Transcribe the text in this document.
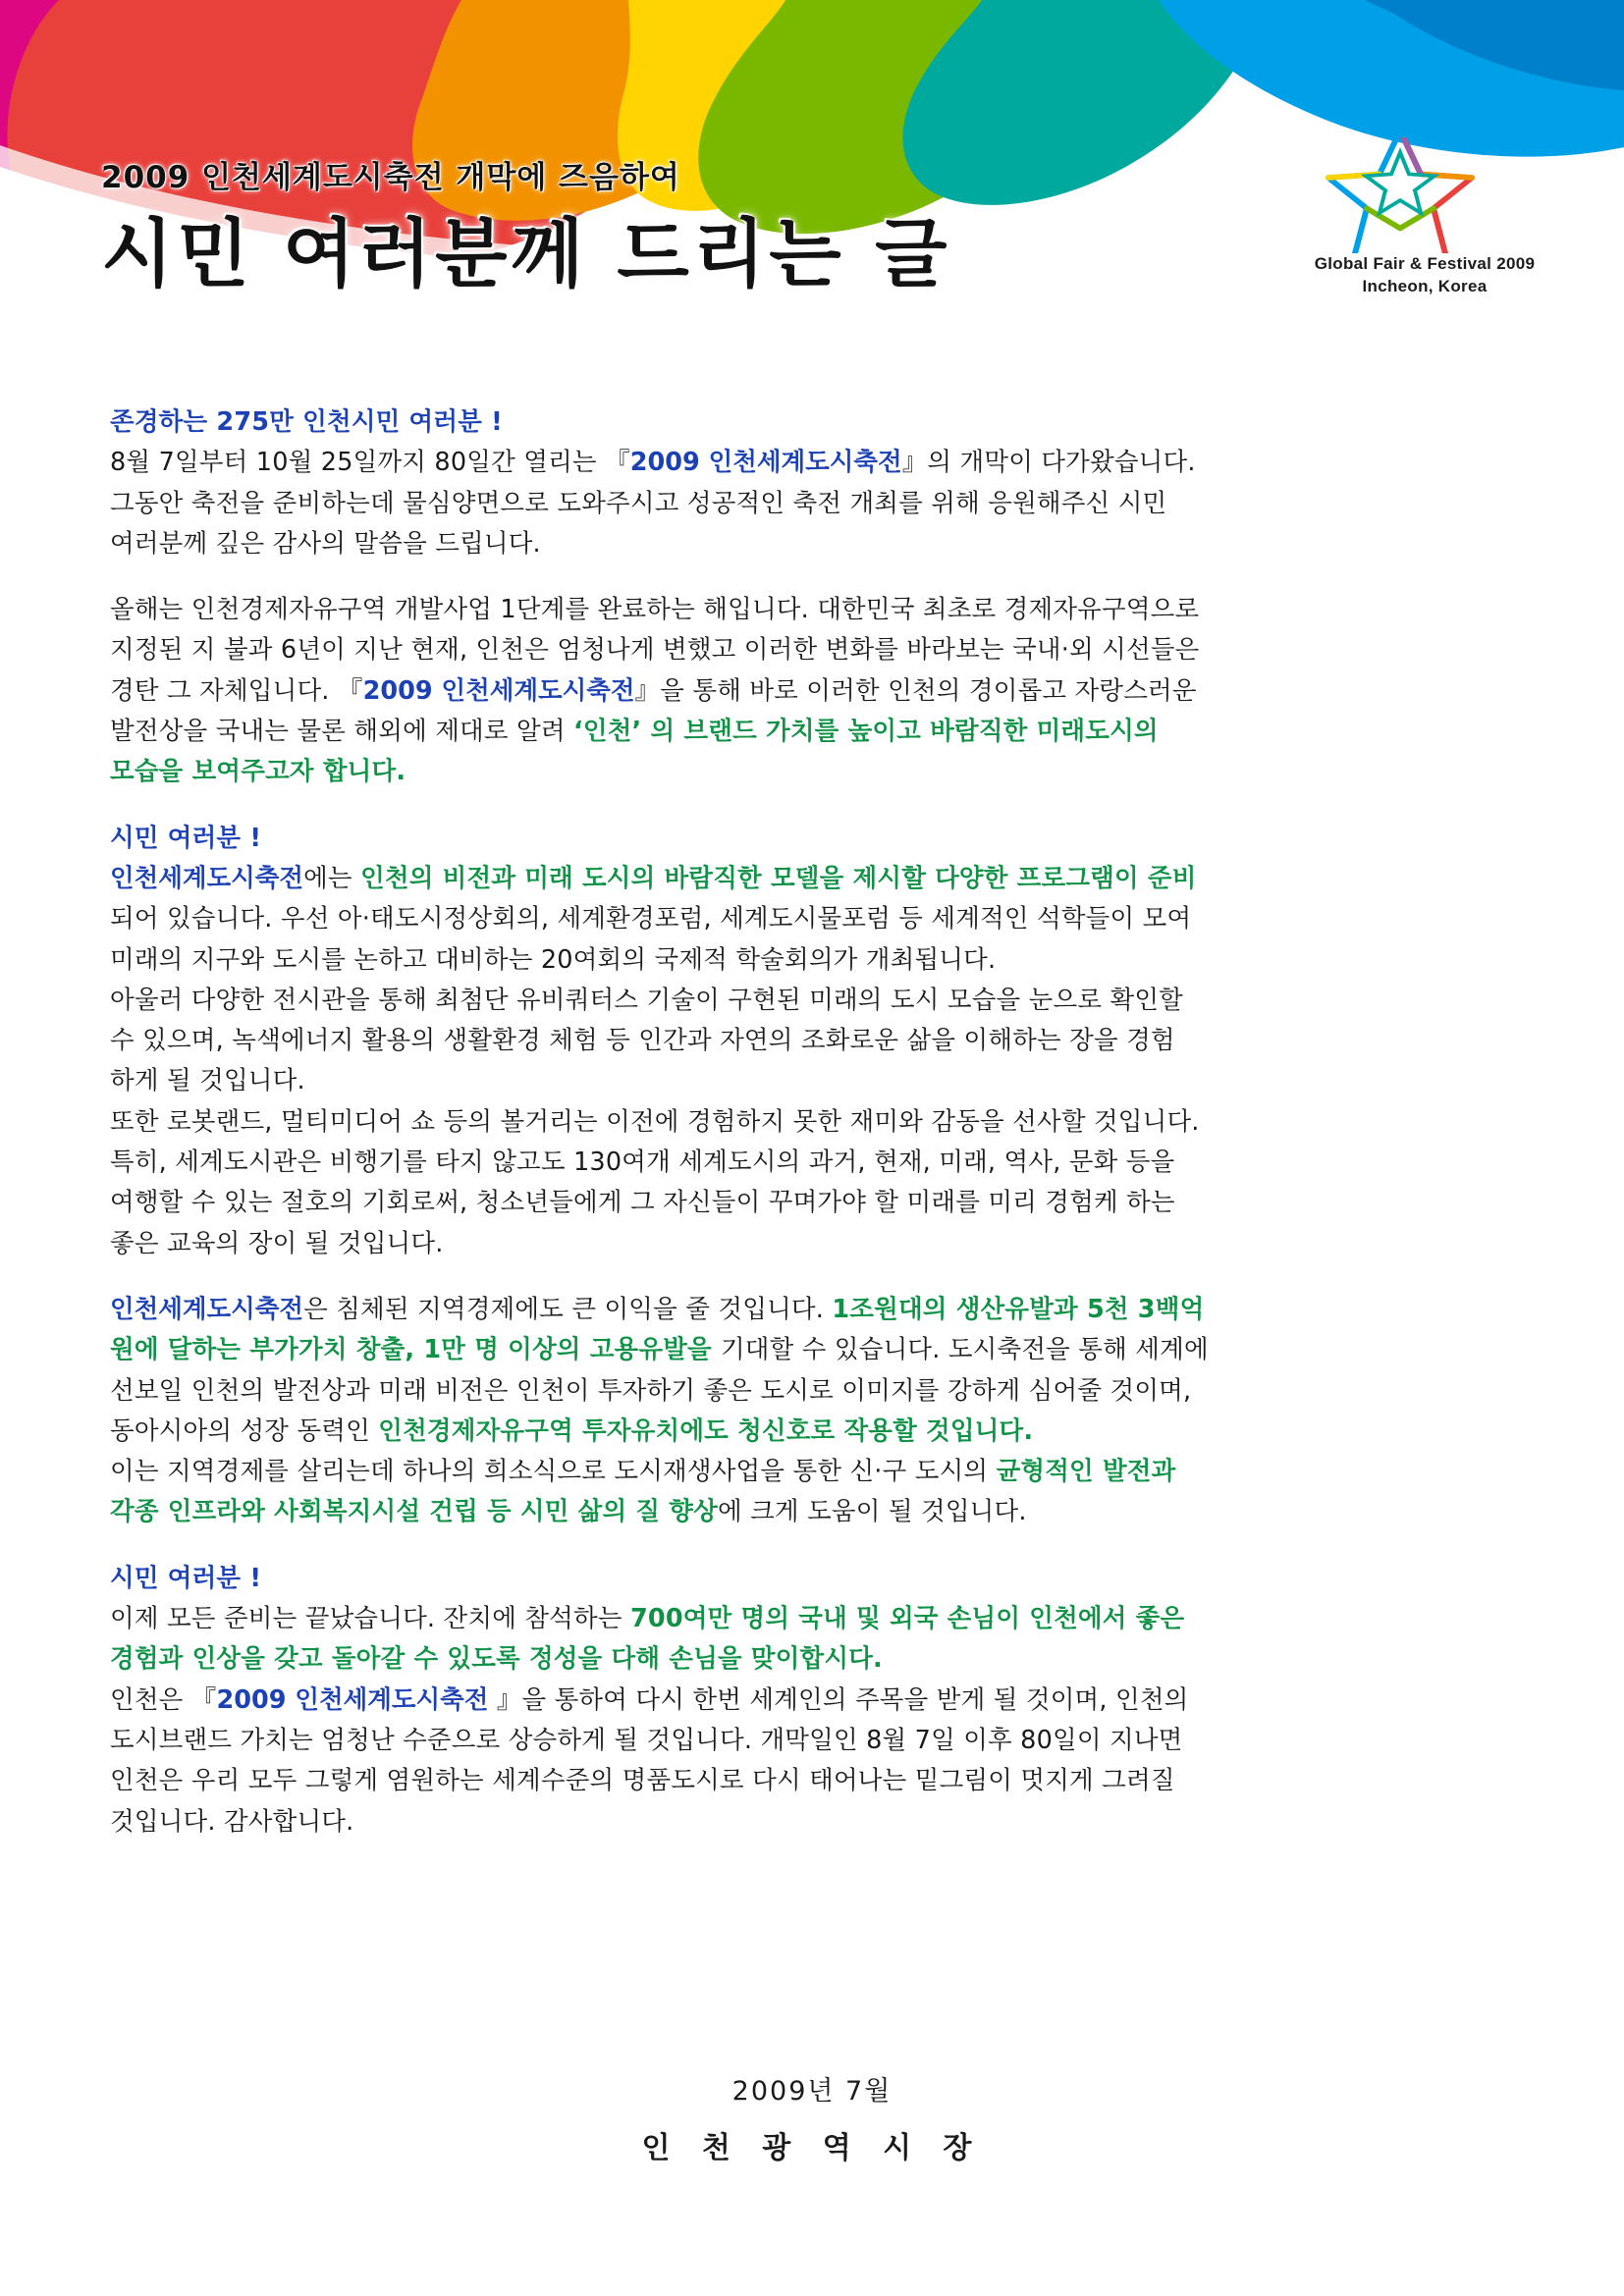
2009 인천세계도시축전 개막에 즈음하여
시민 여러분께 드리는 글	Global Fair & Festival 2009
Incheon, Korea

존경하는 275만 인천시민 여러분 !

8월 7일부터 10월 25일까지 80일간 열리는 『2009 인천세계도시축전』의 개막이 다가왔습니다.

그동안 축전을 준비하는데 물심양면으로 도와주시고 성공적인 축전 개최를 위해 응원해주신 시민

여러분께 깊은 감사의 말씀을 드립니다.

올해는 인천경제자유구역 개발사업 1단계를 완료하는 해입니다. 대한민국 최초로 경제자유구역으로

지정된 지 불과 6년이 지난 현재, 인천은 엄청나게 변했고 이러한 변화를 바라보는 국내·외 시선들은

경탄 그 자체입니다. 『2009 인천세계도시축전』을 통해 바로 이러한 인천의 경이롭고 자랑스러운

발전상을 국내는 물론 해외에 제대로 알려 ‘인천’ 의 브랜드 가치를 높이고 바람직한 미래도시의

모습을 보여주고자 합니다.

시민 여러분 !

인천세계도시축전에는 인천의 비전과 미래 도시의 바람직한 모델을 제시할 다양한 프로그램이 준비

되어 있습니다. 우선 아·태도시정상회의, 세계환경포럼, 세계도시물포럼 등 세계적인 석학들이 모여

미래의 지구와 도시를 논하고 대비하는 20여회의 국제적 학술회의가 개최됩니다.

아울러 다양한 전시관을 통해 최첨단 유비쿼터스 기술이 구현된 미래의 도시 모습을 눈으로 확인할

수 있으며, 녹색에너지 활용의 생활환경 체험 등 인간과 자연의 조화로운 삶을 이해하는 장을 경험

하게 될 것입니다.

또한 로봇랜드, 멀티미디어 쇼 등의 볼거리는 이전에 경험하지 못한 재미와 감동을 선사할 것입니다.

특히, 세계도시관은 비행기를 타지 않고도 130여개 세계도시의 과거, 현재, 미래, 역사, 문화 등을

여행할 수 있는 절호의 기회로써, 청소년들에게 그 자신들이 꾸며가야 할 미래를 미리 경험케 하는

좋은 교육의 장이 될 것입니다.

인천세계도시축전은 침체된 지역경제에도 큰 이익을 줄 것입니다. 1조원대의 생산유발과 5천 3백억

원에 달하는 부가가치 창출, 1만 명 이상의 고용유발을 기대할 수 있습니다. 도시축전을 통해 세계에

선보일 인천의 발전상과 미래 비전은 인천이 투자하기 좋은 도시로 이미지를 강하게 심어줄 것이며,

동아시아의 성장 동력인 인천경제자유구역 투자유치에도 청신호로 작용할 것입니다.

이는 지역경제를 살리는데 하나의 희소식으로 도시재생사업을 통한 신·구 도시의 균형적인 발전과

각종 인프라와 사회복지시설 건립 등 시민 삶의 질 향상에 크게 도움이 될 것입니다.

시민 여러분 !

이제 모든 준비는 끝났습니다. 잔치에 참석하는 700여만 명의 국내 및 외국 손님이 인천에서 좋은

경험과 인상을 갖고 돌아갈 수 있도록 정성을 다해 손님을 맞이합시다.

인천은 『2009 인천세계도시축전 』을 통하여 다시 한번 세계인의 주목을 받게 될 것이며, 인천의

도시브랜드 가치는 엄청난 수준으로 상승하게 될 것입니다. 개막일인 8월 7일 이후 80일이 지나면

인천은 우리 모두 그렇게 염원하는 세계수준의 명품도시로 다시 태어나는 밑그림이 멋지게 그려질

것입니다. 감사합니다.

2009년 7월
인 천 광 역 시 장
